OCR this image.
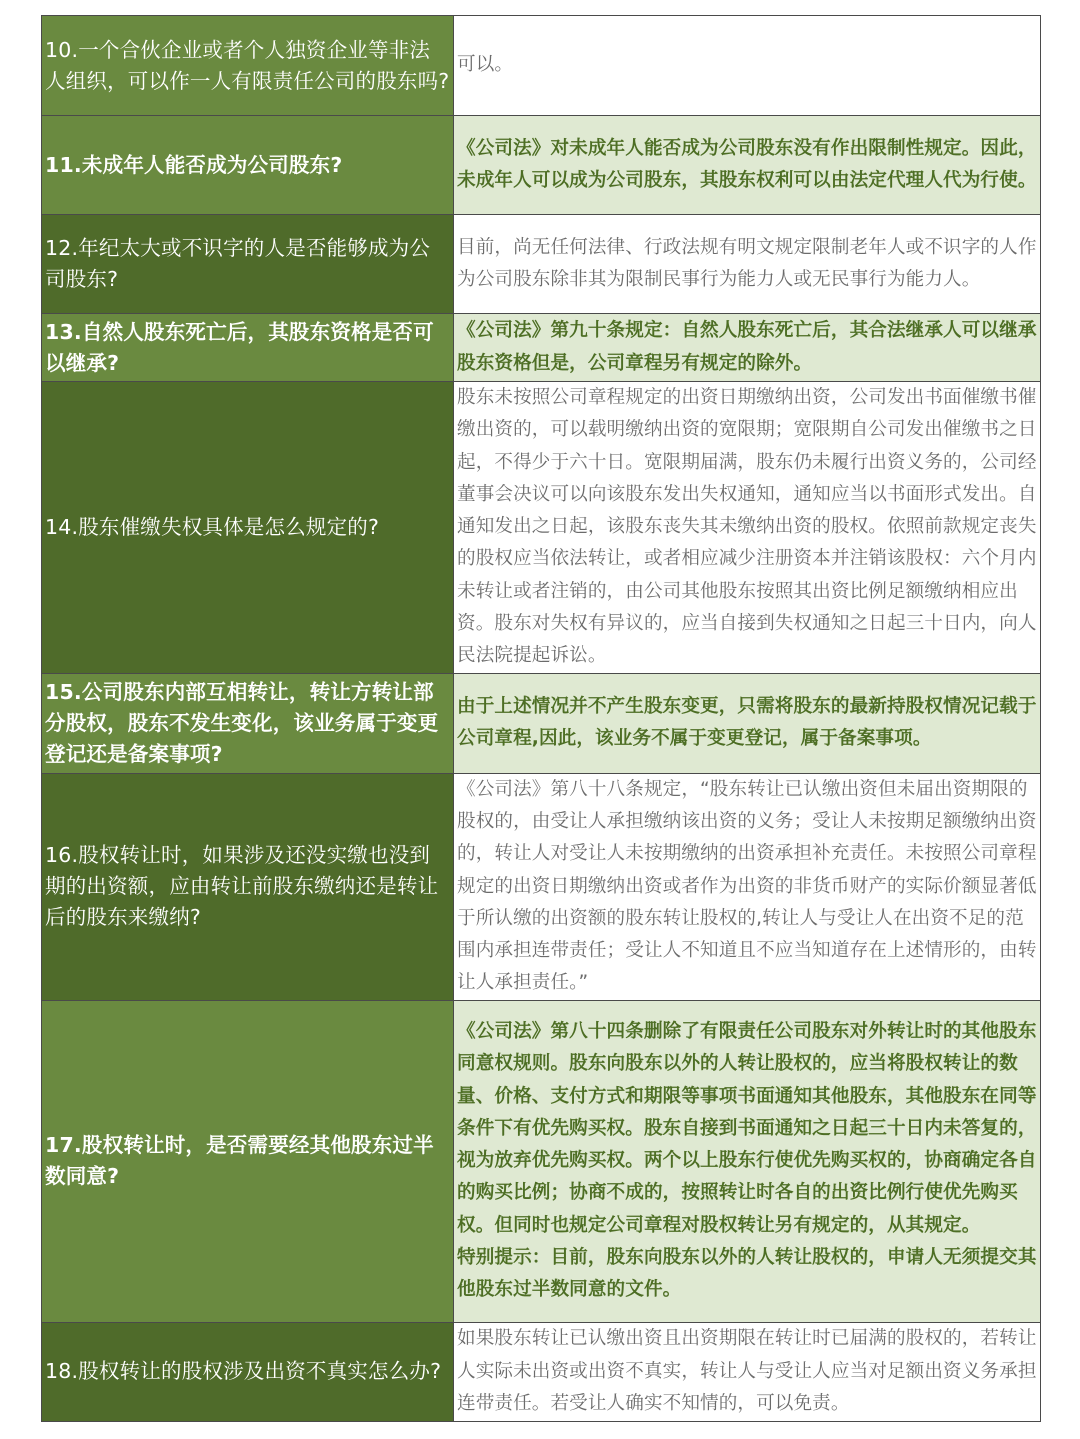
10.一个合伙企业或者个人独资企业等非法人组织，可以作一人有限责任公司的股东吗?	可以。

11.未成年人能否成为公司股东?	《公司法》对未成年人能否成为公司股东没有作出限制性规定。因此，未成年人可以成为公司股东，其股东权利可以由法定代理人代为行使。

12.年纪太大或不识字的人是否能够成为公司股东?	目前，尚无任何法律、行政法规有明文规定限制老年人或不识字的人作为公司股东除非其为限制民事行为能力人或无民事行为能力人。

13.自然人股东死亡后，其股东资格是否可以继承?	《公司法》第九十条规定：自然人股东死亡后，其合法继承人可以继承股东资格但是，公司章程另有规定的除外。

14.股东催缴失权具体是怎么规定的?	股东未按照公司章程规定的出资日期缴纳出资，公司发出书面催缴书催缴出资的，可以载明缴纳出资的宽限期；宽限期自公司发出催缴书之日起，不得少于六十日。宽限期届满，股东仍未履行出资义务的，公司经董事会决议可以向该股东发出失权通知，通知应当以书面形式发出。自通知发出之日起，该股东丧失其未缴纳出资的股权。依照前款规定丧失的股权应当依法转让，或者相应减少注册资本并注销该股权：六个月内未转让或者注销的，由公司其他股东按照其出资比例足额缴纳相应出资。股东对失权有异议的，应当自接到失权通知之日起三十日内，向人民法院提起诉讼。

15.公司股东内部互相转让，转让方转让部分股权，股东不发生变化，该业务属于变更登记还是备案事项?	由于上述情况并不产生股东变更，只需将股东的最新持股权情况记载于公司章程,因此，该业务不属于变更登记，属于备案事项。

16.股权转让时，如果涉及还没实缴也没到期的出资额，应由转让前股东缴纳还是转让后的股东来缴纳?	《公司法》第八十八条规定，“股东转让已认缴出资但未届出资期限的股权的，由受让人承担缴纳该出资的义务；受让人未按期足额缴纳出资的，转让人对受让人未按期缴纳的出资承担补充责任。未按照公司章程规定的出资日期缴纳出资或者作为出资的非货币财产的实际价额显著低于所认缴的出资额的股东转让股权的,转让人与受让人在出资不足的范围内承担连带责任；受让人不知道且不应当知道存在上述情形的，由转让人承担责任。”

17.股权转让时，是否需要经其他股东过半数同意?	《公司法》第八十四条删除了有限责任公司股东对外转让时的其他股东同意权规则。股东向股东以外的人转让股权的，应当将股权转让的数量、价格、支付方式和期限等事项书面通知其他股东，其他股东在同等条件下有优先购买权。股东自接到书面通知之日起三十日内未答复的，视为放弃优先购买权。两个以上股东行使优先购买权的，协商确定各自的购买比例；协商不成的，按照转让时各自的出资比例行使优先购买权。但同时也规定公司章程对股权转让另有规定的，从其规定。
特别提示：目前，股东向股东以外的人转让股权的，申请人无须提交其他股东过半数同意的文件。

18.股权转让的股权涉及出资不真实怎么办?	如果股东转让已认缴出资且出资期限在转让时已届满的股权的，若转让人实际未出资或出资不真实，转让人与受让人应当对足额出资义务承担连带责任。若受让人确实不知情的，可以免责。
